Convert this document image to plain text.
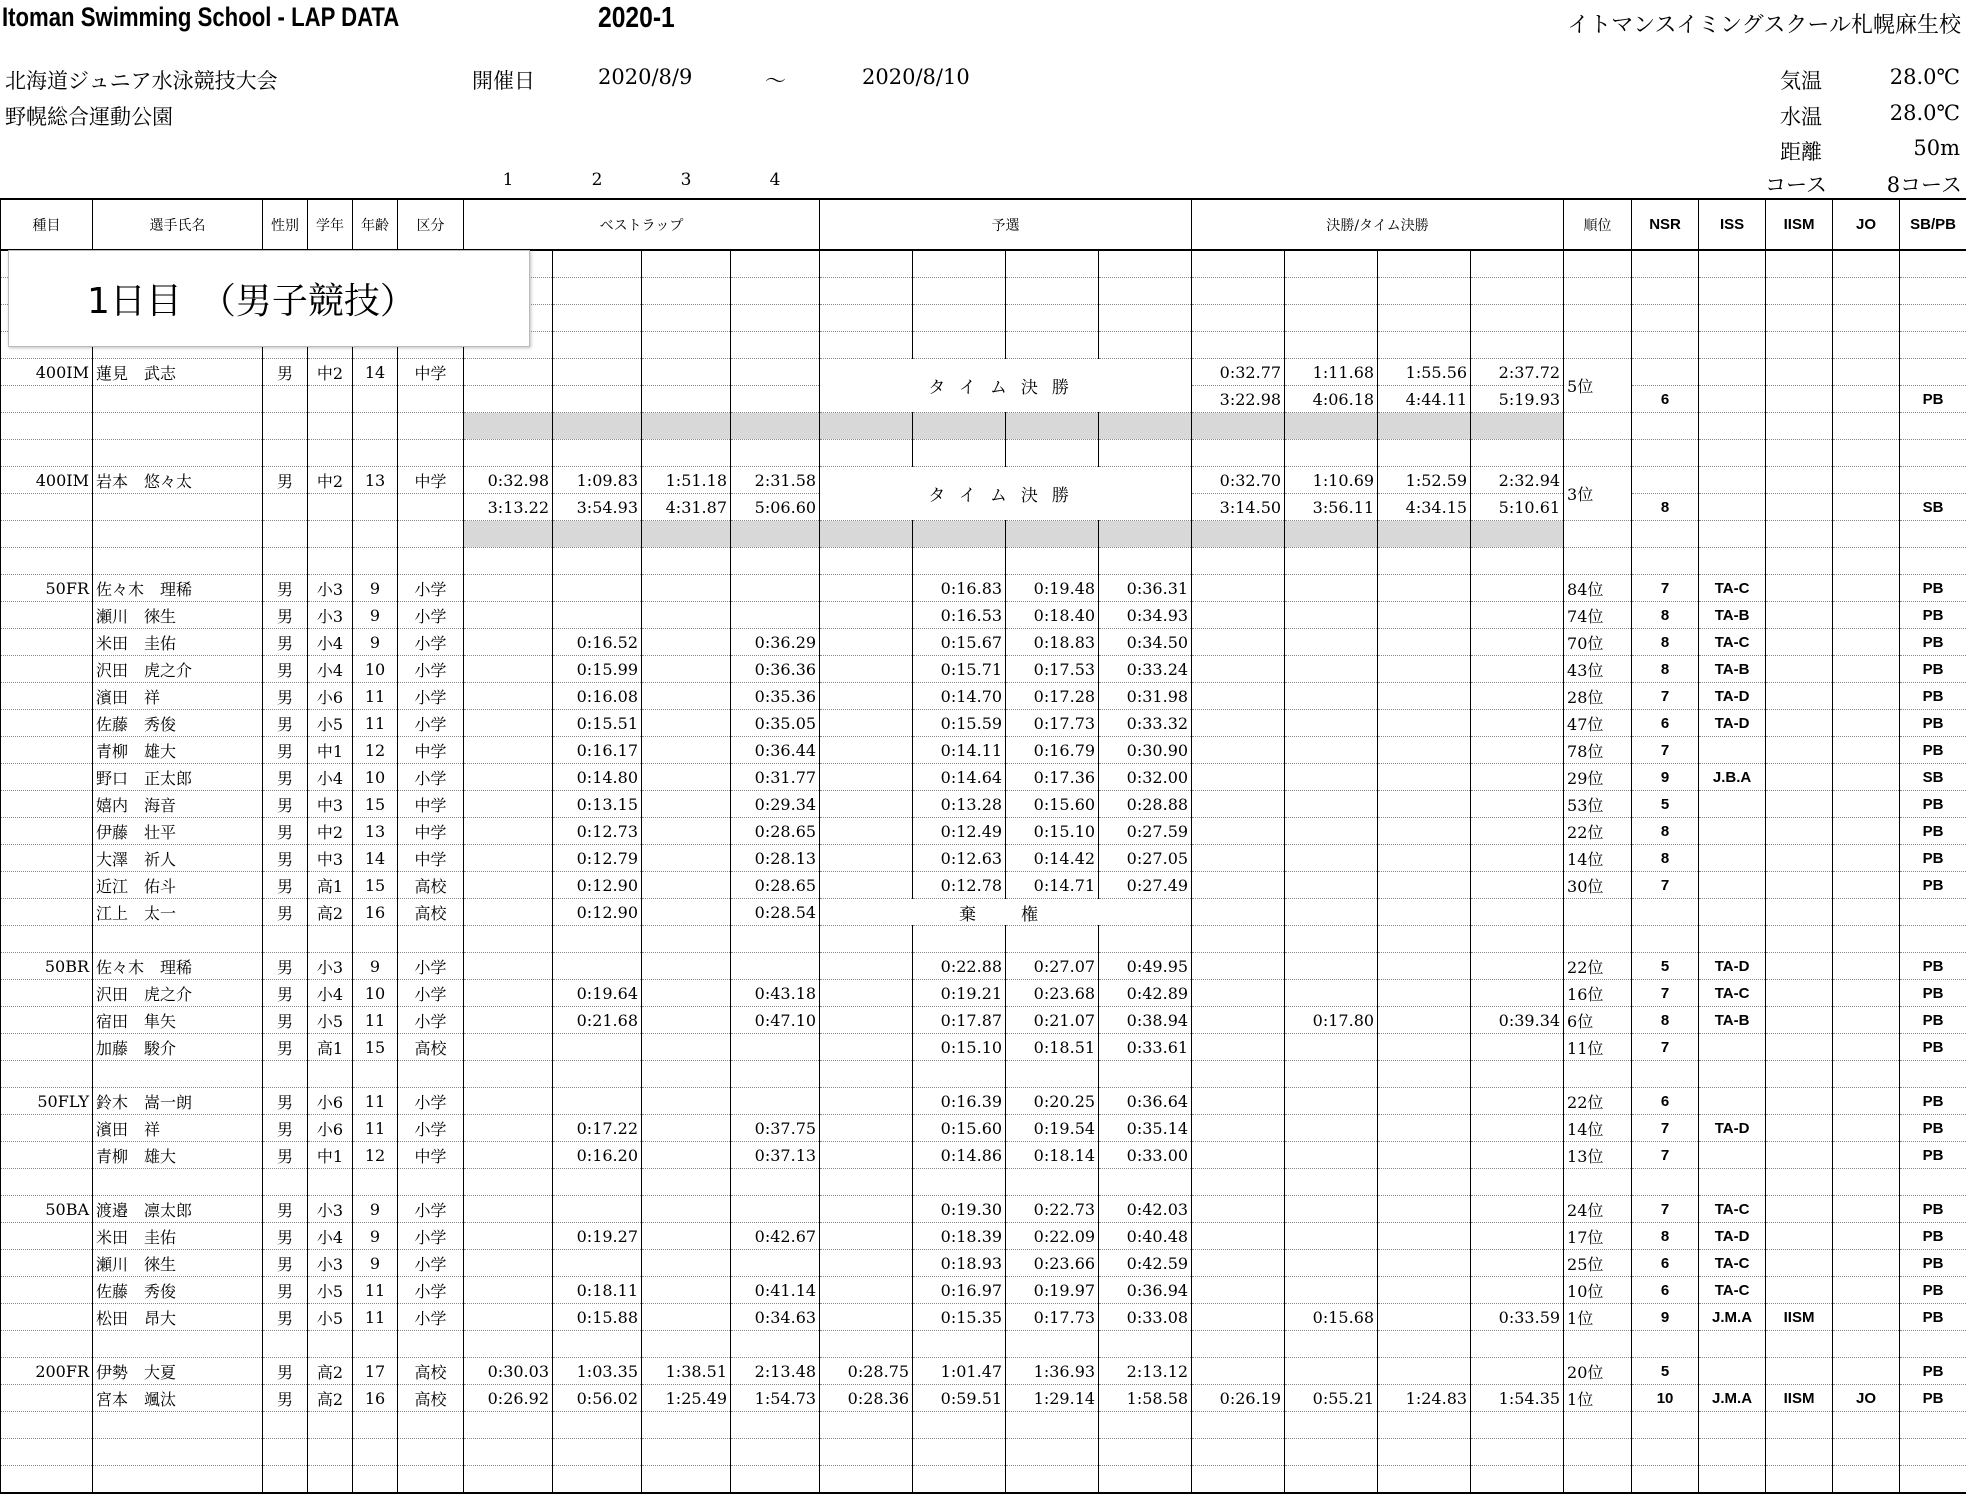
Itoman Swimming School - LAP DATA	2020-1	イトマンスイミングスクール札幌麻生校
北海道ジュニア水泳競技大会
野幌総合運動公園
開催日	2020/8/9	～	2020/8/10	気温	28.0℃
水温	28.0℃
距離	50m
コース	8コース
1	2	3	4
種目	選手氏名	性別	学年	年齢	区分	ベストラップ				予選				決勝/タイム決勝				順位	NSR	ISS	IISM	JO	SB/PB

400IM	蓮見　武志	男	中2	14	中学					タイム決勝				0:32.77	1:11.68	1:55.56	2:37.72	5位					
														3:22.98	4:06.18	4:44.11	5:19.93		6				PB

400IM	岩本　悠々太	男	中2	13	中学	0:32.98	1:09.83	1:51.18	2:31.58	タイム決勝				0:32.70	1:10.69	1:52.59	2:32.94	3位					
						3:13.22	3:54.93	4:31.87	5:06.60					3:14.50	3:56.11	4:34.15	5:10.61		8				SB

50FR	佐々木　理稀	男	小3	9	小学						0:16.83	0:19.48	0:36.31					84位	7	TA-C			PB
	瀬川　徠生	男	小3	9	小学						0:16.53	0:18.40	0:34.93					74位	8	TA-B			PB
	米田　圭佑	男	小4	9	小学		0:16.52		0:36.29		0:15.67	0:18.83	0:34.50					70位	8	TA-C			PB
	沢田　虎之介	男	小4	10	小学		0:15.99		0:36.36		0:15.71	0:17.53	0:33.24					43位	8	TA-B			PB
	濱田　祥	男	小6	11	小学		0:16.08		0:35.36		0:14.70	0:17.28	0:31.98					28位	7	TA-D			PB
	佐藤　秀俊	男	小5	11	小学		0:15.51		0:35.05		0:15.59	0:17.73	0:33.32					47位	6	TA-D			PB
	青柳　雄大	男	中1	12	中学		0:16.17		0:36.44		0:14.11	0:16.79	0:30.90					78位	7				PB
	野口　正太郎	男	小4	10	小学		0:14.80		0:31.77		0:14.64	0:17.36	0:32.00					29位	9	J.B.A			SB
	嬉内　海音	男	中3	15	中学		0:13.15		0:29.34		0:13.28	0:15.60	0:28.88					53位	5				PB
	伊藤　壮平	男	中2	13	中学		0:12.73		0:28.65		0:12.49	0:15.10	0:27.59					22位	8				PB
	大澤　祈人	男	中3	14	中学		0:12.79		0:28.13		0:12.63	0:14.42	0:27.05					14位	8				PB
	近江　佑斗	男	高1	15	高校		0:12.90		0:28.65		0:12.78	0:14.71	0:27.49					30位	7				PB
	江上　太一	男	高2	16	高校		0:12.90		0:28.54	棄　権													

50BR	佐々木　理稀	男	小3	9	小学						0:22.88	0:27.07	0:49.95					22位	5	TA-D			PB
	沢田　虎之介	男	小4	10	小学		0:19.64		0:43.18		0:19.21	0:23.68	0:42.89					16位	7	TA-C			PB
	宿田　隼矢	男	小5	11	小学		0:21.68		0:47.10		0:17.87	0:21.07	0:38.94		0:17.80		0:39.34	6位	8	TA-B			PB
	加藤　駿介	男	高1	15	高校						0:15.10	0:18.51	0:33.61					11位	7				PB

50FLY	鈴木　嵩一朗	男	小6	11	小学						0:16.39	0:20.25	0:36.64					22位	6				PB
	濱田　祥	男	小6	11	小学		0:17.22		0:37.75		0:15.60	0:19.54	0:35.14					14位	7	TA-D			PB
	青柳　雄大	男	中1	12	中学		0:16.20		0:37.13		0:14.86	0:18.14	0:33.00					13位	7				PB

50BA	渡邉　凛太郎	男	小3	9	小学						0:19.30	0:22.73	0:42.03					24位	7	TA-C			PB
	米田　圭佑	男	小4	9	小学		0:19.27		0:42.67		0:18.39	0:22.09	0:40.48					17位	8	TA-D			PB
	瀬川　徠生	男	小3	9	小学						0:18.93	0:23.66	0:42.59					25位	6	TA-C			PB
	佐藤　秀俊	男	小5	11	小学		0:18.11		0:41.14		0:16.97	0:19.97	0:36.94					10位	6	TA-C			PB
	松田　昂大	男	小5	11	小学		0:15.88		0:34.63		0:15.35	0:17.73	0:33.08		0:15.68		0:33.59	1位	9	J.M.A	IISM		PB

200FR	伊勢　大夏	男	高2	17	高校	0:30.03	1:03.35	1:38.51	2:13.48	0:28.75	1:01.47	1:36.93	2:13.12					20位	5				PB
	宮本　颯汰	男	高2	16	高校	0:26.92	0:56.02	1:25.49	1:54.73	0:28.36	0:59.51	1:29.14	1:58.58	0:26.19	0:55.21	1:24.83	1:54.35	1位	10	J.M.A	IISM	JO	PB

1日目　（男子競技）
